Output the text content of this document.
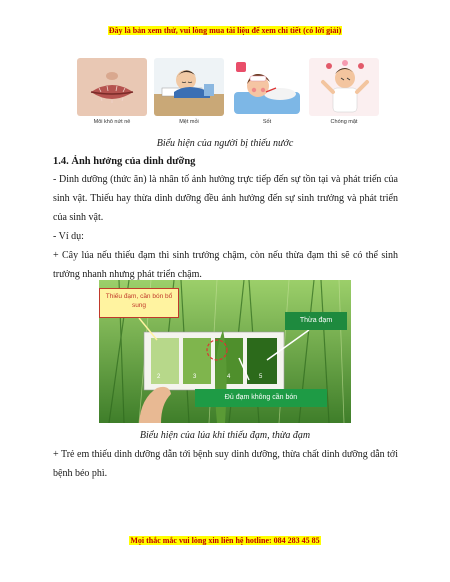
Đây là bản xem thử, vui lòng mua tài liệu để xem chi tiết (có lời giải)
Môi khô nứt nẻ	Mệt mỏi	Sốt	Chóng mặt
Biểu hiện của người bị thiếu nước
1.4. Ảnh hưởng của dinh dưỡng
- Dinh dưỡng (thức ăn) là nhân tố ảnh hưởng trực tiếp đến sự tồn tại và phát triển của sinh vật. Thiếu hay thừa dinh dưỡng đều ảnh hưởng đến sự sinh trưởng và phát triển của sinh vật.
- Ví dụ:
+ Cây lúa nếu thiếu đạm thì sinh trưởng chậm, còn nếu thừa đạm thì sẽ có thể sinh trưởng nhanh nhưng phát triển chậm.
2	3	4	5
Thiếu đạm, cần bón bổ sung
Thừa đạm
Đủ đạm không cần bón
Biểu hiện của lúa khi thiếu đạm, thừa đạm
+ Trẻ em thiếu dinh dưỡng dẫn tới bệnh suy dinh dưỡng, thừa chất dinh dưỡng dẫn tới bệnh béo phì.
Mọi thắc mắc vui lòng xin liên hệ hotline: 084 283 45 85
